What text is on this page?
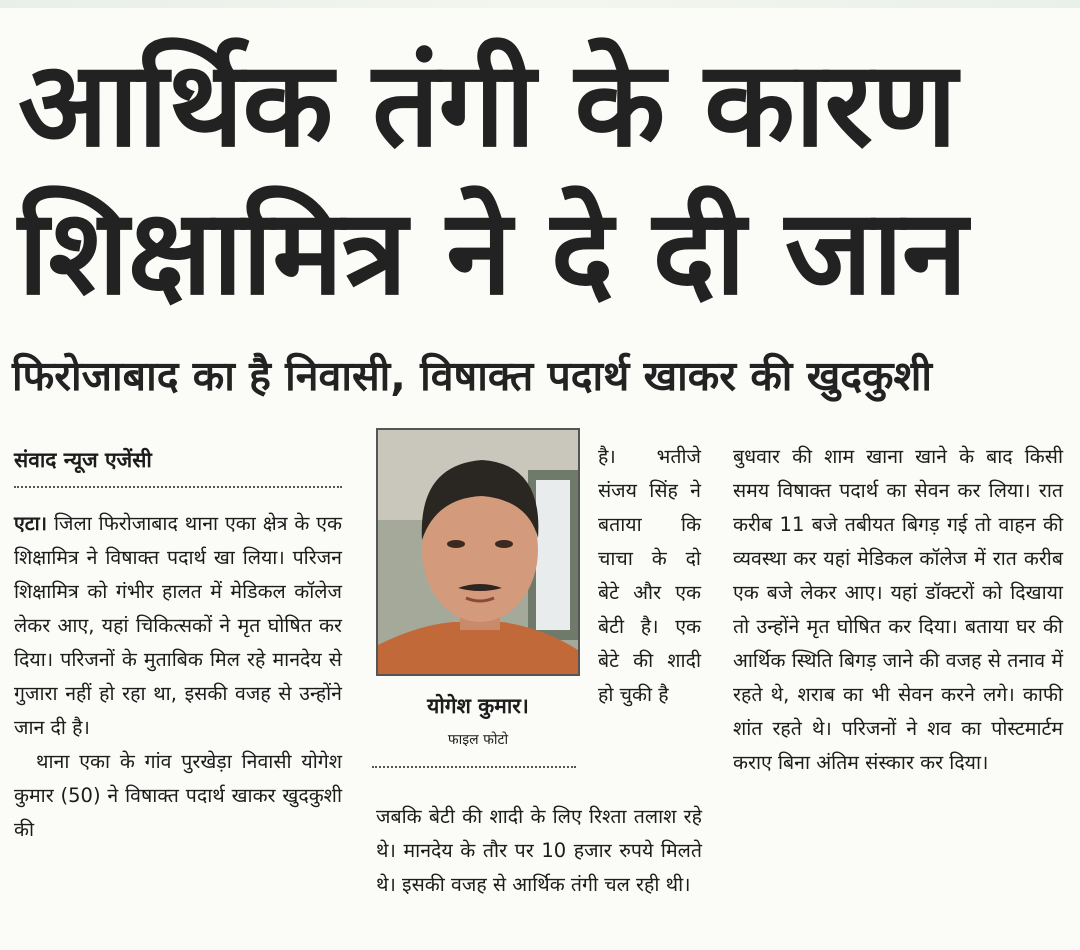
आर्थिक तंगी के कारण
शिक्षामित्र ने दे दी जान
फिरोजाबाद का है निवासी, विषाक्त पदार्थ खाकर की खुदकुशी
संवाद न्यूज एजेंसी

एटा। जिला फिरोजाबाद थाना एका क्षेत्र के एक शिक्षामित्र ने विषाक्त पदार्थ खा लिया। परिजन शिक्षामित्र को गंभीर हालत में मेडिकल कॉलेज लेकर आए, यहां चिकित्सकों ने मृत घोषित कर दिया। परिजनों के मुताबिक मिल रहे मानदेय से गुजारा नहीं हो रहा था, इसकी वजह से उन्होंने जान दी है।

थाना एका के गांव पुरखेड़ा निवासी योगेश कुमार (50) ने विषाक्त पदार्थ खाकर खुदकुशी की

योगेश कुमार।
फाइल फोटो
है। भतीजे संजय सिंह ने बताया कि चाचा के दो बेटे और एक बेटी है। एक बेटे की शादी हो चुकी है
जबकि बेटी की शादी के लिए रिश्ता तलाश रहे थे। मानदेय के तौर पर 10 हजार रुपये मिलते थे। इसकी वजह से आर्थिक तंगी चल रही थी।
बुधवार की शाम खाना खाने के बाद किसी समय विषाक्त पदार्थ का सेवन कर लिया। रात करीब 11 बजे तबीयत बिगड़ गई तो वाहन की व्यवस्था कर यहां मेडिकल कॉलेज में रात करीब एक बजे लेकर आए। यहां डॉक्टरों को दिखाया तो उन्होंने मृत घोषित कर दिया। बताया घर की आर्थिक स्थिति बिगड़ जाने की वजह से तनाव में रहते थे, शराब का भी सेवन करने लगे। काफी शांत रहते थे। परिजनों ने शव का पोस्टमार्टम कराए बिना अंतिम संस्कार कर दिया।
